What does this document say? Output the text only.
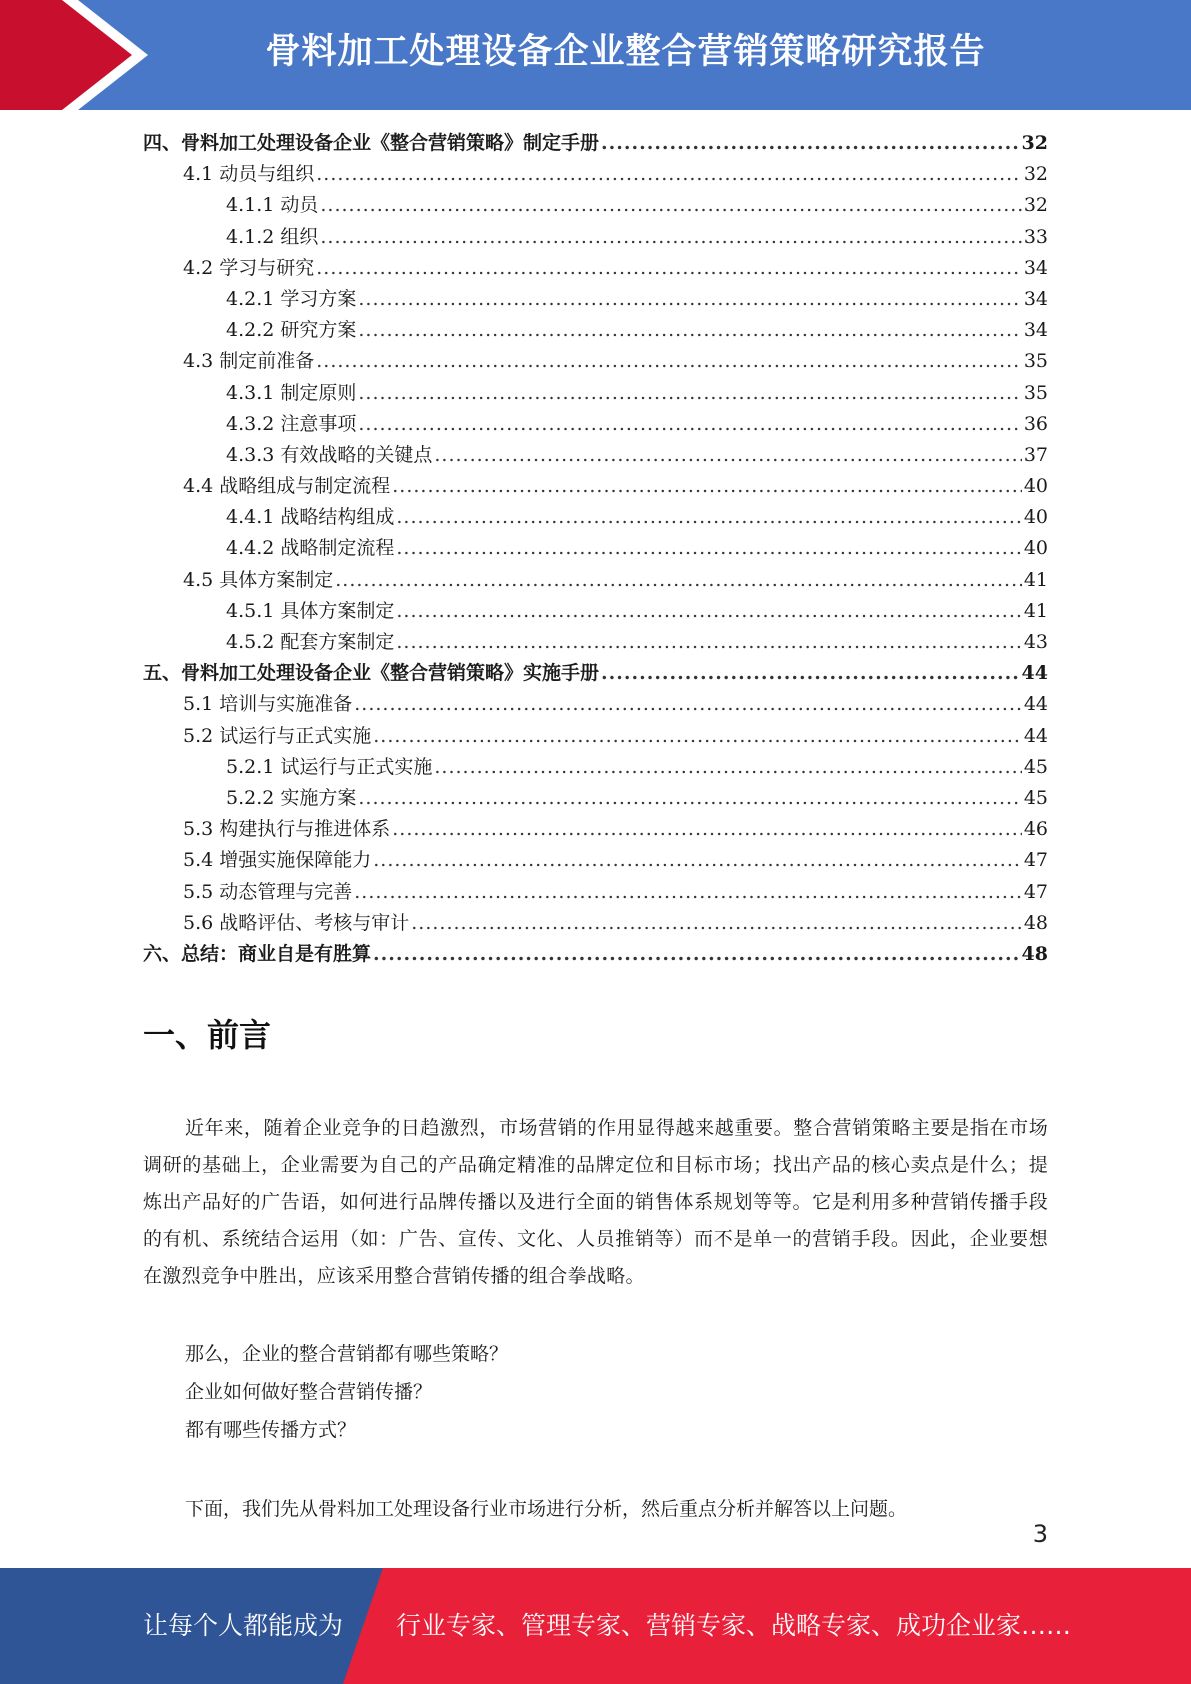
骨料加工处理设备企业整合营销策略研究报告
四、骨料加工处理设备企业《整合营销策略》制定手册 .....	32
4.1 动员与组织 .....	32
4.1.1 动员 .....	32
4.1.2 组织 .....	33
4.2 学习与研究 .....	34
4.2.1 学习方案 .....	34
4.2.2 研究方案 .....	34
4.3 制定前准备 .....	35
4.3.1 制定原则 .....	35
4.3.2 注意事项 .....	36
4.3.3 有效战略的关键点 .....	37
4.4 战略组成与制定流程 .....	40
4.4.1 战略结构组成 .....	40
4.4.2 战略制定流程 .....	40
4.5 具体方案制定 .....	41
4.5.1 具体方案制定 .....	41
4.5.2 配套方案制定 .....	43
五、骨料加工处理设备企业《整合营销策略》实施手册 .....	44
5.1 培训与实施准备 .....	44
5.2 试运行与正式实施 .....	44
5.2.1 试运行与正式实施 .....	45
5.2.2 实施方案 .....	45
5.3 构建执行与推进体系 .....	46
5.4 增强实施保障能力 .....	47
5.5 动态管理与完善 .....	47
5.6 战略评估、考核与审计 .....	48
六、总结：商业自是有胜算 .....	48
一、前言
近年来，随着企业竞争的日趋激烈，市场营销的作用显得越来越重要。整合营销策略主要是指在市场调研的基础上，企业需要为自己的产品确定精准的品牌定位和目标市场；找出产品的核心卖点是什么；提炼出产品好的广告语，如何进行品牌传播以及进行全面的销售体系规划等等。它是利用多种营销传播手段的有机、系统结合运用（如：广告、宣传、文化、人员推销等）而不是单一的营销手段。因此，企业要想在激烈竞争中胜出，应该采用整合营销传播的组合拳战略。
那么，企业的整合营销都有哪些策略？
企业如何做好整合营销传播？
都有哪些传播方式？
下面，我们先从骨料加工处理设备行业市场进行分析，然后重点分析并解答以上问题。
3
让每个人都能成为 行业专家、管理专家、营销专家、战略专家、成功企业家……
